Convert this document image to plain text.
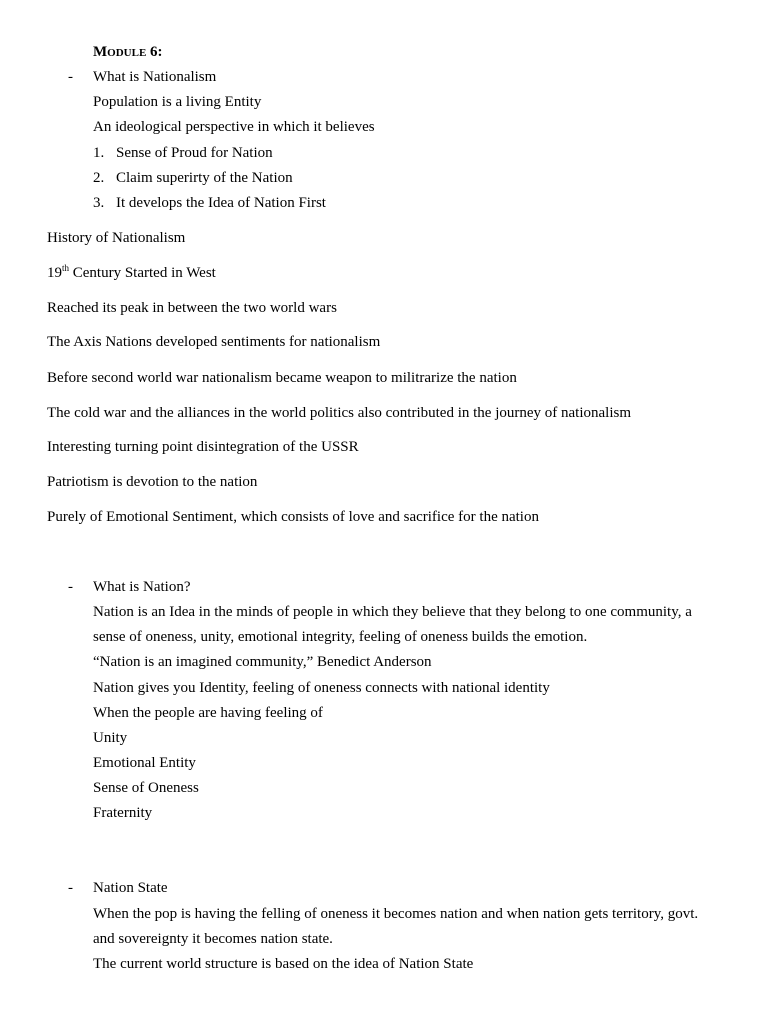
Module 6:
- What is Nationalism
Population is a living Entity
An ideological perspective in which it believes
1. Sense of Proud for Nation
2. Claim superirty of the Nation
3. It develops the Idea of Nation First
History of Nationalism
19th Century Started in West
Reached its peak in between the two world wars
The Axis Nations developed sentiments for nationalism
Before second world war nationalism became weapon to militrarize the nation
The cold war and the alliances in the world politics also contributed in the journey of nationalism
Interesting turning point disintegration of the USSR
Patriotism is devotion to the nation
Purely of Emotional Sentiment, which consists of love and sacrifice for the nation
- What is Nation?
Nation is an Idea in the minds of people in which they believe that they belong to one community, a
sense of oneness, unity, emotional integrity, feeling of oneness builds the emotion.
“Nation is an imagined community,” Benedict Anderson
Nation gives you Identity, feeling of oneness connects with national identity
When the people are having feeling of
Unity
Emotional Entity
Sense of Oneness
Fraternity
- Nation State
When the pop is having the felling of oneness it becomes nation and when nation gets territory, govt.
and sovereignty it becomes nation state.
The current world structure is based on the idea of Nation State
